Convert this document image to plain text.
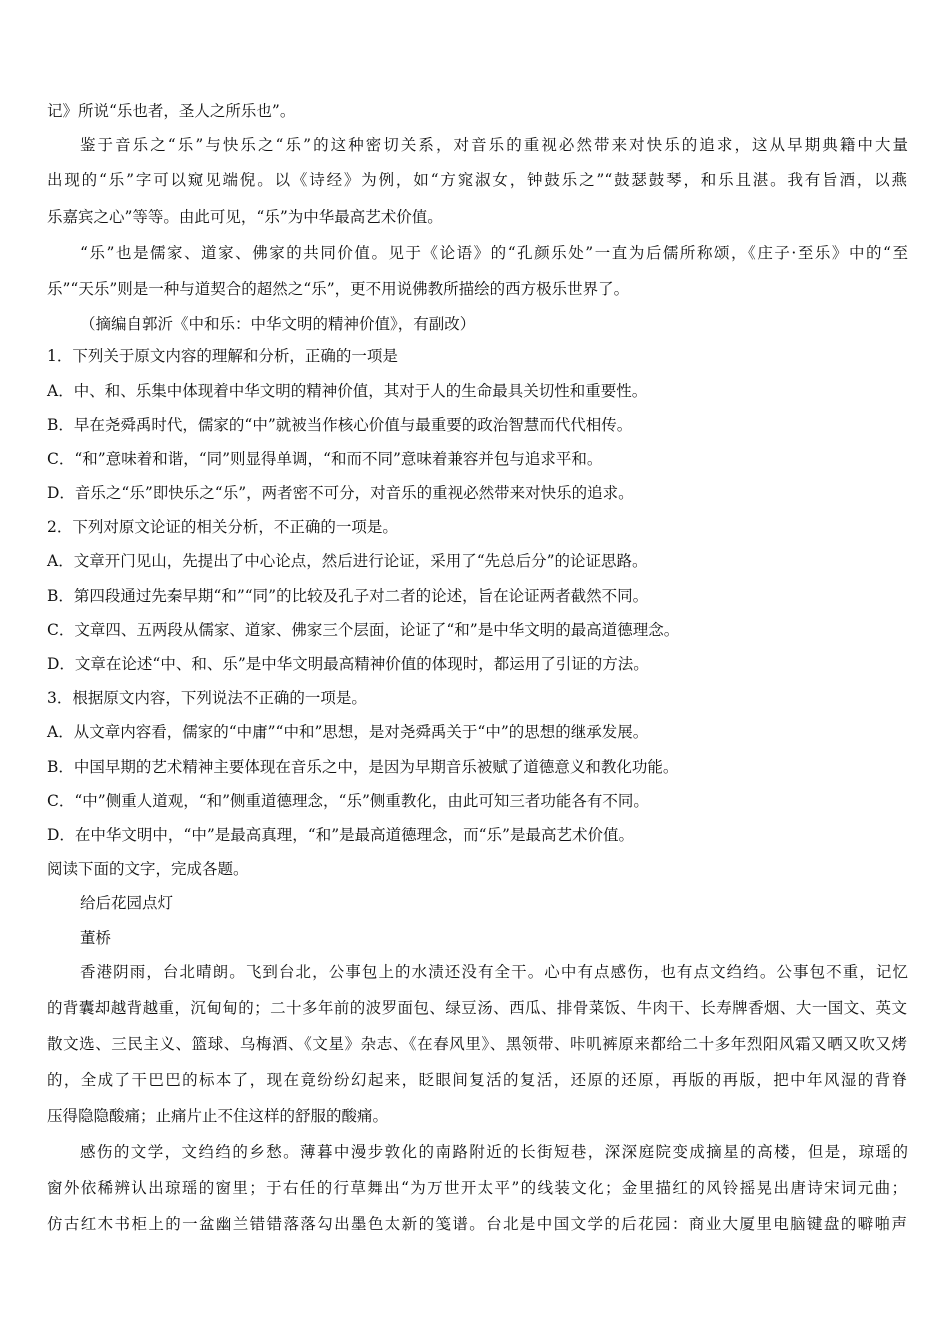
记》所说“乐也者，圣人之所乐也”。
鉴于音乐之“乐”与快乐之“乐”的这种密切关系，对音乐的重视必然带来对快乐的追求，这从早期典籍中大量
出现的“乐”字可以窥见端倪。以《诗经》为例，如“方窕淑女，钟鼓乐之”“鼓瑟鼓琴，和乐且湛。我有旨酒，以燕
乐嘉宾之心”等等。由此可见，“乐”为中华最高艺术价值。
“乐”也是儒家、道家、佛家的共同价值。见于《论语》的“孔颜乐处”一直为后儒所称颂，《庄子·至乐》中的“至
乐”“天乐”则是一种与道契合的超然之“乐”，更不用说佛教所描绘的西方极乐世界了。
（摘编自郭沂《中和乐：中华文明的精神价值》，有副改）
1．下列关于原文内容的理解和分析，正确的一项是
A．中、和、乐集中体现着中华文明的精神价值，其对于人的生命最具关切性和重要性。
B．早在尧舜禹时代，儒家的“中”就被当作核心价值与最重要的政治智慧而代代相传。
C．“和”意味着和谐，“同”则显得单调，“和而不同”意味着兼容并包与追求平和。
D．音乐之“乐”即快乐之“乐”，两者密不可分，对音乐的重视必然带来对快乐的追求。
2．下列对原文论证的相关分析，不正确的一项是。
A．文章开门见山，先提出了中心论点，然后进行论证，采用了“先总后分”的论证思路。
B．第四段通过先秦早期“和”“同”的比较及孔子对二者的论述，旨在论证两者截然不同。
C．文章四、五两段从儒家、道家、佛家三个层面，论证了“和”是中华文明的最高道德理念。
D．文章在论述“中、和、乐”是中华文明最高精神价值的体现时，都运用了引证的方法。
3．根据原文内容，下列说法不正确的一项是。
A．从文章内容看，儒家的“中庸”“中和”思想，是对尧舜禹关于“中”的思想的继承发展。
B．中国早期的艺术精神主要体现在音乐之中，是因为早期音乐被赋了道德意义和教化功能。
C．“中”侧重人道观，“和”侧重道德理念，“乐”侧重教化，由此可知三者功能各有不同。
D．在中华文明中，“中”是最高真理，“和”是最高道德理念，而“乐”是最高艺术价值。
阅读下面的文字，完成各题。
给后花园点灯
董桥
香港阴雨，台北晴朗。飞到台北，公事包上的水渍还没有全干。心中有点感伤，也有点文绉绉。公事包不重，记忆
的背囊却越背越重，沉甸甸的；二十多年前的波罗面包、绿豆汤、西瓜、排骨菜饭、牛肉干、长寿牌香烟、大一国文、英文
散文选、三民主义、篮球、乌梅酒、《文星》杂志、《在春风里》、黑领带、咔叽裤原来都给二十多年烈阳风霜又晒又吹又烤
的，全成了干巴巴的标本了，现在竟纷纷幻起来，眨眼间复活的复活，还原的还原，再版的再版，把中年风湿的背脊
压得隐隐酸痛；止痛片止不住这样的舒服的酸痛。
感伤的文学，文绉绉的乡愁。薄暮中漫步敦化的南路附近的长街短巷，深深庭院变成摘星的高楼，但是，琼瑶的
窗外依稀辨认出琼瑶的窗里；于右任的行草舞出“为万世开太平”的线装文化；金里描红的风铃摇晃出唐诗宋词元曲；
仿古红木书柜上的一盆幽兰错错落落勾出墨色太新的笺谱。台北是中国文学的后花园：商业大厦里电脑键盘的噼啪声
